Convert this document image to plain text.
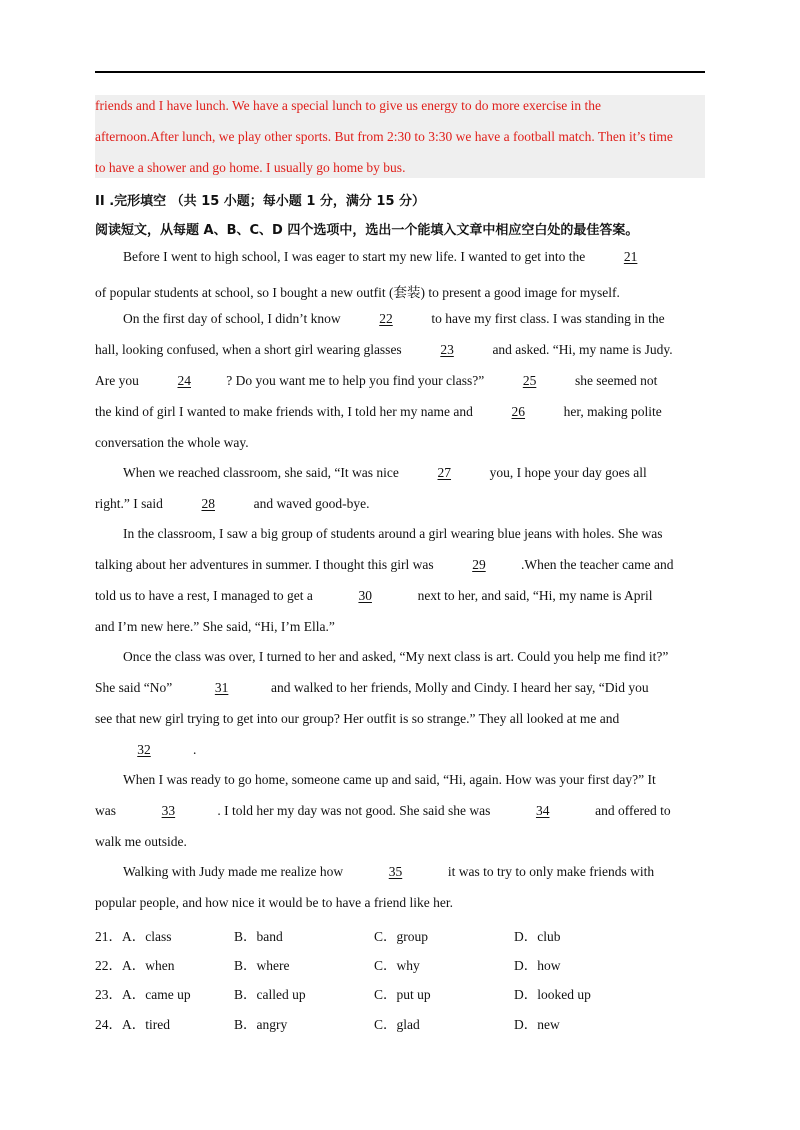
friends and I have lunch. We have a special lunch to give us energy to do more exercise in the
afternoon.After lunch, we play other sports. But from 2:30 to 3:30 we have a football match. Then it’s time
to have a shower and go home. I usually go home by bus.
II .完形填空 （共 15 小题；每小题 1 分，满分 15 分）
阅读短文，从每题 A、B、C、D 四个选项中，选出一个能填入文章中相应空白处的最佳答案。
Before I went to high school, I was eager to start my new life. I wanted to get into the	21
of popular students at school, so I bought a new outfit (套装) to present a good image for myself.
On the first day of school, I didn’t know	22	to have my first class. I was standing in the
hall, looking confused, when a short girl wearing glasses	23	and asked. “Hi, my name is Judy.
Are you	24	? Do you want me to help you find your class?”	25	she seemed not
the kind of girl I wanted to make friends with, I told her my name and	26	her, making polite
conversation the whole way.
When we reached classroom, she said, “It was nice	27	you, I hope your day goes all
right.” I said	28	and waved good-bye.
In the classroom, I saw a big group of students around a girl wearing blue jeans with holes. She was
talking about her adventures in summer. I thought this girl was	29	.When the teacher came and
told us to have a rest, I managed to get a	30	next to her, and said, “Hi, my name is April
and I’m new here.” She said, “Hi, I’m Ella.”
Once the class was over, I turned to her and asked, “My next class is art. Could you help me find it?”
She said “No”	31	and walked to her friends, Molly and Cindy. I heard her say, “Did you
see that new girl trying to get into our group? Her outfit is so strange.” They all looked at me and
32	.
When I was ready to go home, someone came up and said, “Hi, again. How was your first day?” It
was	33	. I told her my day was not good. She said she was	34	and offered to
walk me outside.
Walking with Judy made me realize how	35	it was to try to only make friends with
popular people, and how nice it would be to have a friend like her.
21．A．class	B．band	C．group	D．club
22．A．when	B．where	C．why	D．how
23．A．came up	B．called up	C．put up	D．looked up
24．A．tired	B．angry	C．glad	D．new
